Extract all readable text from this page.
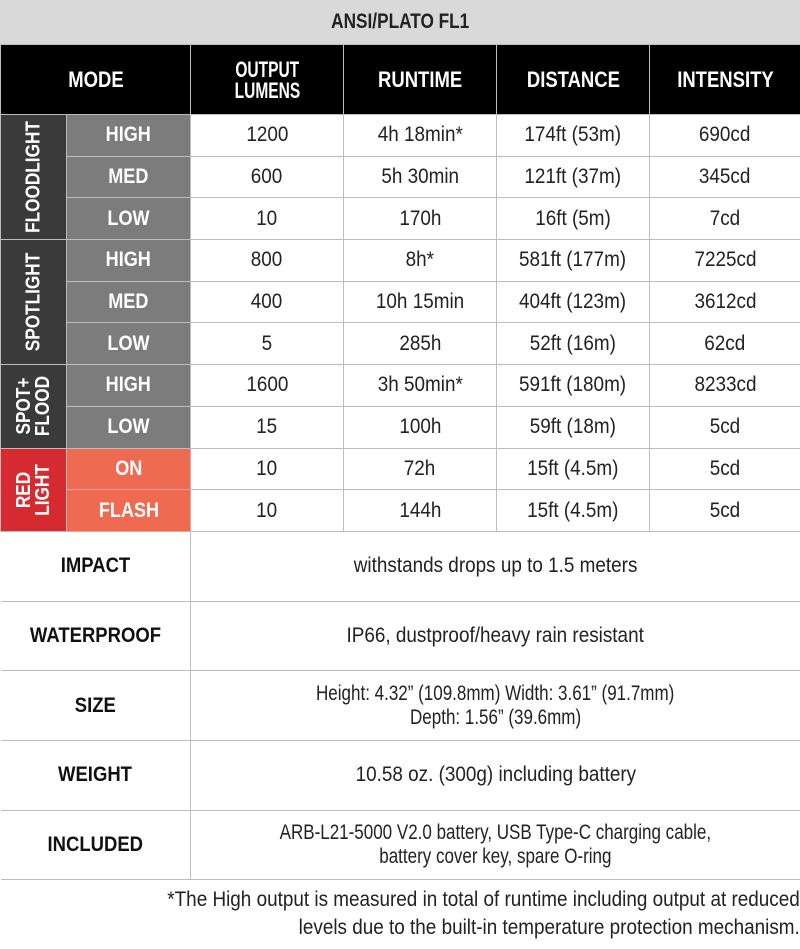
ANSI/PLATO FL1
MODE		OUTPUT
LUMENS	RUNTIME	DISTANCE	INTENSITY

FLOODLIGHT	HIGH	1200	4h 18min*	174ft (53m)	690cd
	MED	600	5h 30min	121ft (37m)	345cd
	LOW	10	170h	16ft (5m)	7cd

SPOTLIGHT	HIGH	800	8h*	581ft (177m)	7225cd
	MED	400	10h 15min	404ft (123m)	3612cd
	LOW	5	285h	52ft (16m)	62cd

SPOT+
FLOOD	HIGH	1600	3h 50min*	591ft (180m)	8233cd
	LOW	15	100h	59ft (18m)	5cd

RED
LIGHT	ON	10	72h	15ft (4.5m)	5cd
	FLASH	10	144h	15ft (4.5m)	5cd
IMPACT		withstands drops up to 1.5 meters			
WATERPROOF		IP66, dustproof/heavy rain resistant			
SIZE		Height: 4.32” (109.8mm) Width: 3.61” (91.7mm)
Depth: 1.56” (39.6mm)			
WEIGHT		10.58 oz. (300g) including battery			
INCLUDED		ARB-L21-5000 V2.0 battery, USB Type-C charging cable,
battery cover key, spare O-ring			
*The High output is measured in total of runtime including output at reduced
levels due to the built-in temperature protection mechanism.
